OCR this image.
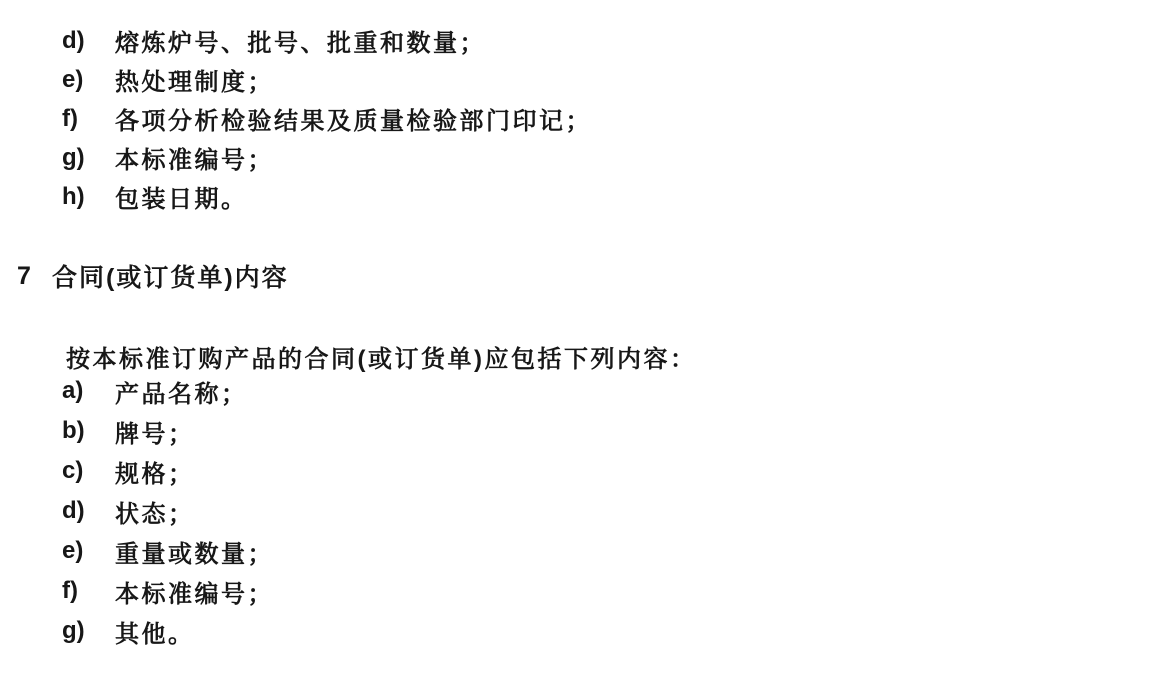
d)	熔炼炉号、批号、批重和数量；
e)	热处理制度；
f)	各项分析检验结果及质量检验部门印记；
g)	本标准编号；
h)	包装日期。
7 合同(或订货单)内容
按本标准订购产品的合同(或订货单)应包括下列内容：
a)	产品名称；
b)	牌号；
c)	规格；
d)	状态；
e)	重量或数量；
f)	本标准编号；
g)	其他。
